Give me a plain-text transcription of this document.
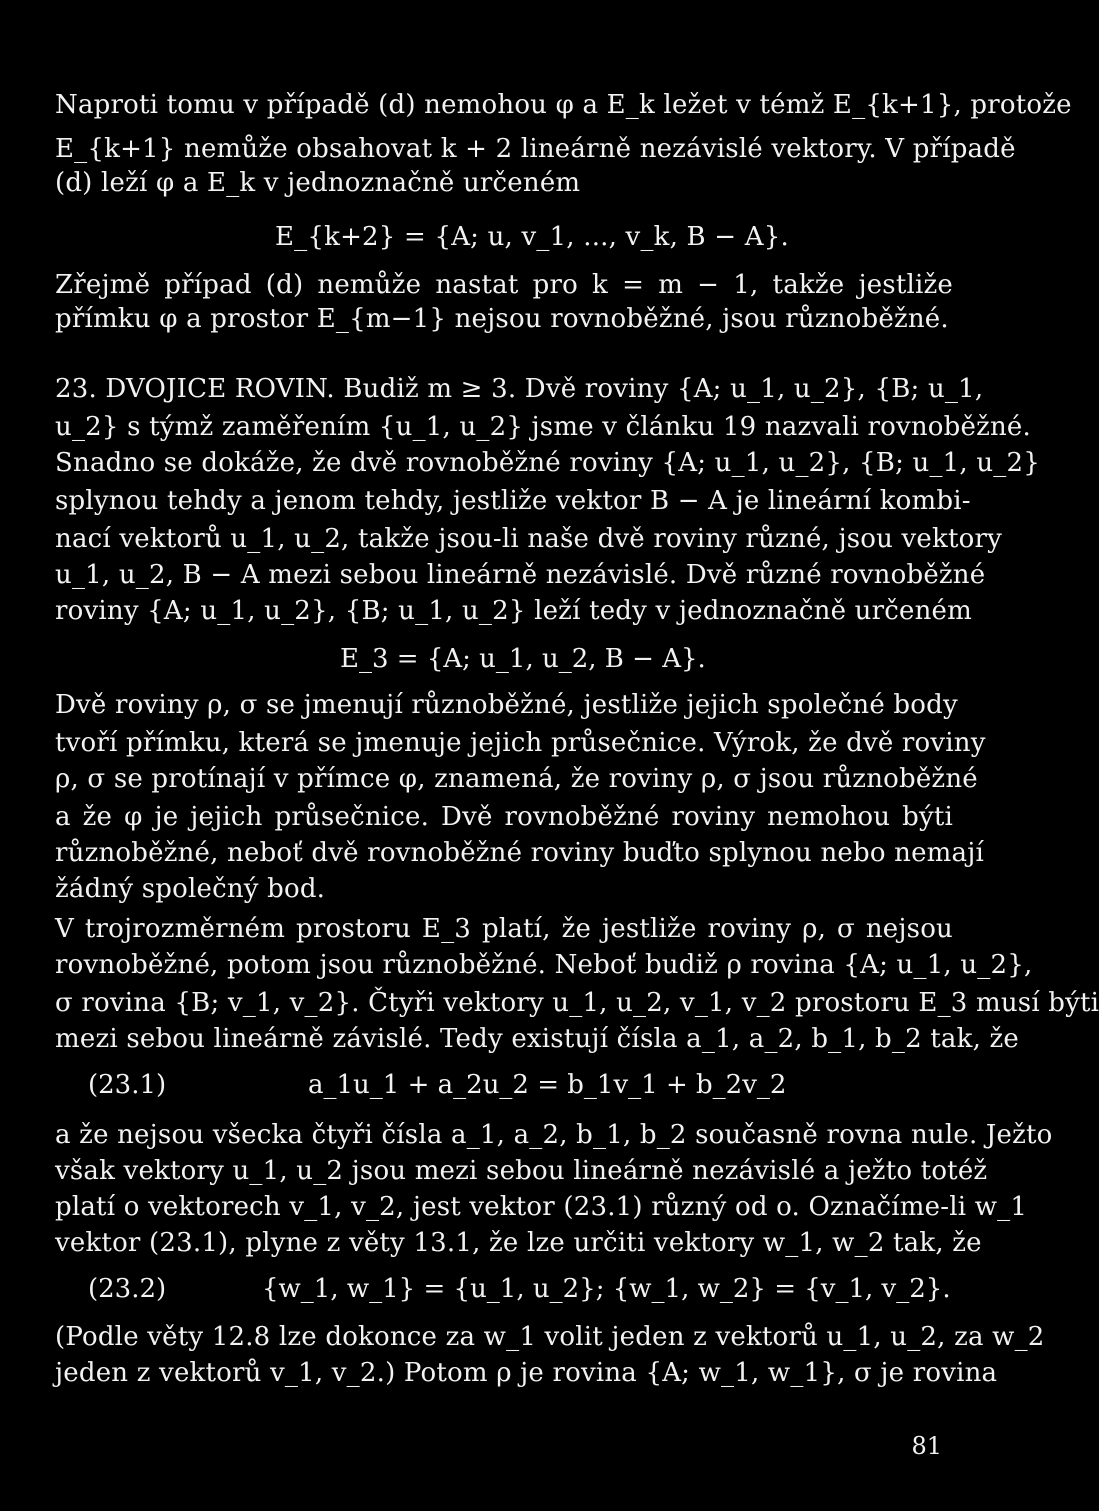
Naproti tomu v případě (d) nemohou φ a E_k ležet v témž E_{k+1}, protože
E_{k+1} nemůže obsahovat k + 2 lineárně nezávislé vektory. V případě
(d) leží φ a E_k v jednoznačně určeném
E_{k+2} = {A; u, v_1, ..., v_k, B − A}.
Zřejmě případ (d) nemůže nastat pro k = m − 1, takže jestliže
přímku φ a prostor E_{m−1} nejsou rovnoběžné, jsou různoběžné.
23. DVOJICE ROVIN. Budiž m ≥ 3. Dvě roviny {A; u_1, u_2}, {B; u_1,
u_2} s týmž zaměřením {u_1, u_2} jsme v článku 19 nazvali rovnoběžné.
Snadno se dokáže, že dvě rovnoběžné roviny {A; u_1, u_2}, {B; u_1, u_2}
splynou tehdy a jenom tehdy, jestliže vektor B − A je lineární kombi-
nací vektorů u_1, u_2, takže jsou-li naše dvě roviny různé, jsou vektory
u_1, u_2, B − A mezi sebou lineárně nezávislé. Dvě různé rovnoběžné
roviny {A; u_1, u_2}, {B; u_1, u_2} leží tedy v jednoznačně určeném
E_3 = {A; u_1, u_2, B − A}.
Dvě roviny ρ, σ se jmenují různoběžné, jestliže jejich společné body
tvoří přímku, která se jmenuje jejich průsečnice. Výrok, že dvě roviny
ρ, σ se protínají v přímce φ, znamená, že roviny ρ, σ jsou různoběžné
a že φ je jejich průsečnice. Dvě rovnoběžné roviny nemohou býti
různoběžné, neboť dvě rovnoběžné roviny buďto splynou nebo nemají
žádný společný bod.
V trojrozměrném prostoru E_3 platí, že jestliže roviny ρ, σ nejsou
rovnoběžné, potom jsou různoběžné. Neboť budiž ρ rovina {A; u_1, u_2},
σ rovina {B; v_1, v_2}. Čtyři vektory u_1, u_2, v_1, v_2 prostoru E_3 musí býti
mezi sebou lineárně závislé. Tedy existují čísla a_1, a_2, b_1, b_2 tak, že
(23.1)	a_1u_1 + a_2u_2 = b_1v_1 + b_2v_2
a že nejsou všecka čtyři čísla a_1, a_2, b_1, b_2 současně rovna nule. Ježto
však vektory u_1, u_2 jsou mezi sebou lineárně nezávislé a ježto totéž
platí o vektorech v_1, v_2, jest vektor (23.1) různý od o. Označíme-li w_1
vektor (23.1), plyne z věty 13.1, že lze určiti vektory w_1, w_2 tak, že
(23.2)	{w_1, w_1} = {u_1, u_2}; {w_1, w_2} = {v_1, v_2}.
(Podle věty 12.8 lze dokonce za w_1 volit jeden z vektorů u_1, u_2, za w_2
jeden z vektorů v_1, v_2.) Potom ρ je rovina {A; w_1, w_1}, σ je rovina
81
